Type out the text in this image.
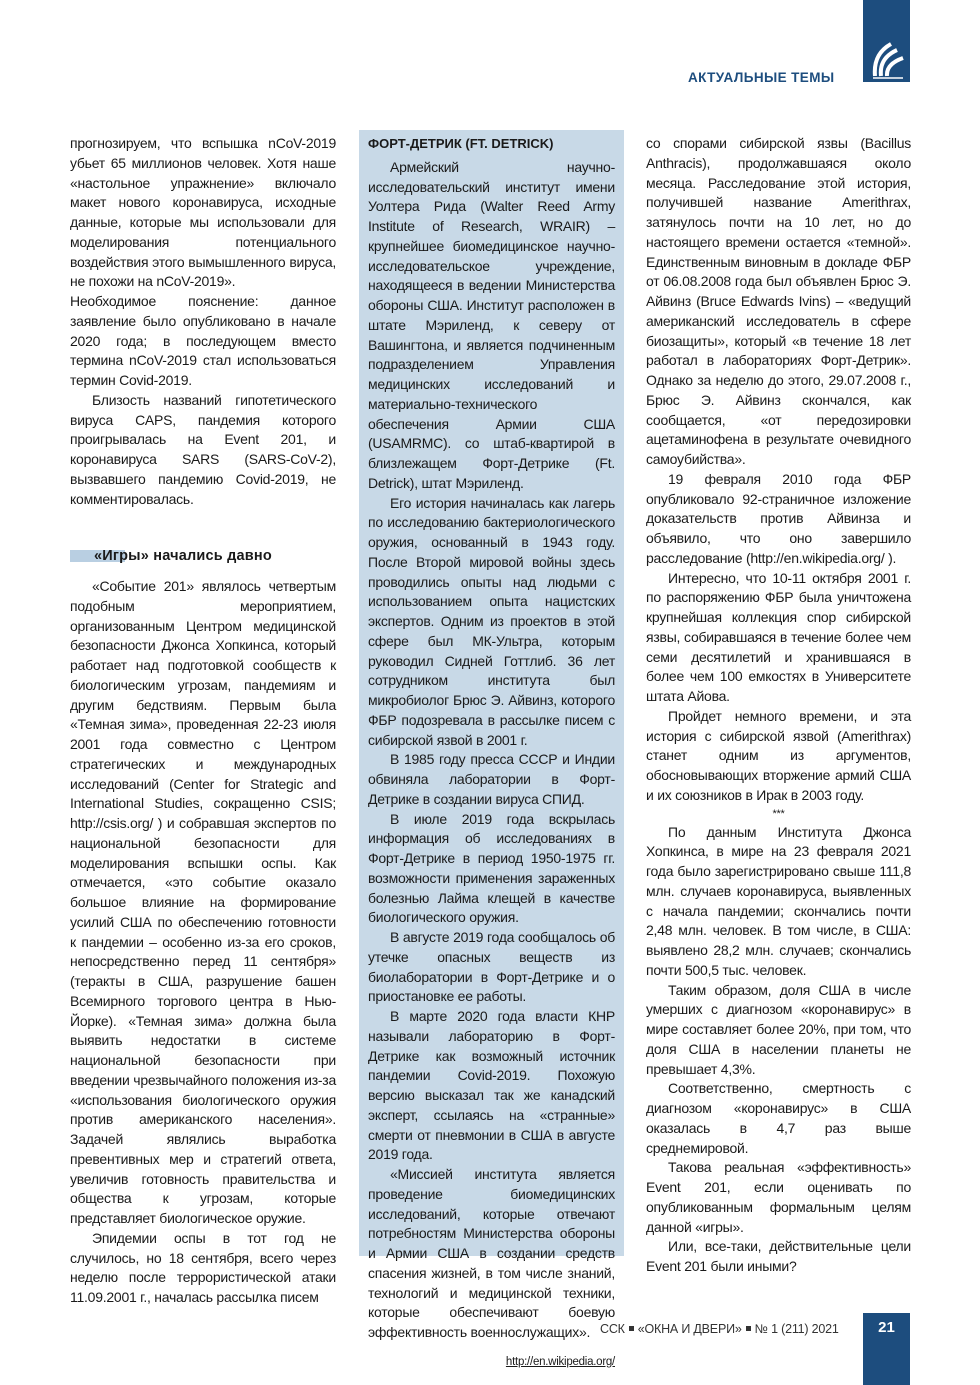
АКТУАЛЬНЫЕ ТЕМЫ

прогнозируем, что вспышка nCoV-2019 убьет 65 миллионов человек. Хотя наше «настольное упражнение» включало макет нового коронавируса, исходные данные, которые мы использовали для моделирования потенциального воздействия этого вымышленного вируса, не похожи на nCoV-2019».

Необходимое пояснение: данное заявление было опубликовано в начале 2020 года; в последующем вместо термина nCoV-2019 стал использоваться термин Covid-2019.

Близость названий гипотетического вируса CAPS, пандемия которого проигрывалась на Event 201, и коронавируса SARS (SARS-CoV-2), вызвавшего пандемию Covid-2019, не комментировалась.

«Игры» начались давно

«Событие 201» являлось четвертым подобным мероприятием, организованным Центром медицинской безопасности Джонса Хопкинса, который работает над подготовкой сообществ к биологическим угрозам, пандемиям и другим бедствиям. Первым была «Темная зима», проведенная 22-23 июля 2001 года совместно с Центром стратегических и международных исследований (Center for Strategic and International Studies, сокращенно CSIS; http://csis.org/ ) и собравшая экспертов по национальной безопасности для моделирования вспышки оспы. Как отмечается, «это событие оказало большое влияние на формирование усилий США по обеспечению готовности к пандемии – особенно из-за его сроков, непосредственно перед 11 сентября» (теракты в США, разрушение башен Всемирного торгового центра в Нью-Йорке). «Темная зима» должна была выявить недостатки в системе национальной безопасности при введении чрезвычайного положения из-за «использования биологического оружия против американского населения». Задачей являлись выработка превентивных мер и стратегий ответа, увеличив готовность правительства и общества к угрозам, которые представляет биологическое оружие.

Эпидемии оспы в тот год не случилось, но 18 сентября, всего через неделю после террористической атаки 11.09.2001 г., началась рассылка писем

ФОРТ-ДЕТРИК (FT. DETRICK)

Армейский научно-исследовательский институт имени Уолтера Рида (Walter Reed Army Institute of Research, WRAIR) – крупнейшее биомедицинское научно-исследовательское учреждение, находящееся в ведении Министерства обороны США. Институт расположен в штате Мэриленд, к северу от Вашингтона, и является подчиненным подразделением Управления медицинских исследований и материально-технического обеспечения Армии США (USAMRMC). со штаб-квартирой в близлежащем Форт-Детрике (Ft. Detrick), штат Мэриленд.

Его история начиналась как лагерь по исследованию бактериологического оружия, основанный в 1943 году. После Второй мировой войны здесь проводились опыты над людьми с использованием опыта нацистских экспертов. Одним из проектов в этой сфере был МК-Ультра, которым руководил Сидней Готтлиб. 36 лет сотрудником института был микробиолог Брюс Э. Айвинз, которого ФБР подозревала в рассылке писем с сибирской язвой в 2001 г.

В 1985 году пресса СССР и Индии обвиняла лаборатории в Форт-Детрике в создании вируса СПИД.

В июле 2019 года вскрылась информация об исследованиях в Форт-Детрике в период 1950-1975 гг. возможности применения зараженных болезнью Лайма клещей в качестве биологического оружия.

В августе 2019 года сообщалось об утечке опасных веществ из биолаборатории в Форт-Детрике и о приостановке ее работы.

В марте 2020 года власти КНР называли лабораторию в Форт-Детрике как возможный источник пандемии Covid-2019. Похожую версию высказал так же канадский эксперт, ссылаясь на «странные» смерти от пневмонии в США в августе 2019 года.

«Миссией института является проведение биомедицинских исследований, которые отвечают потребностям Министерства обороны и Армии США в создании средств спасения жизней, в том числе знаний, технологий и медицинской техники, которые обеспечивают боевую эффективность военнослужащих».

http://en.wikipedia.org/

со спорами сибирской язвы (Bacillus Anthracis), продолжавшаяся около месяца. Расследование этой история, получившей название Amerithrax, затянулось почти на 10 лет, но до настоящего времени остается «темной». Единственным виновным в докладе ФБР от 06.08.2008 года был объявлен Брюс Э. Айвинз (Bruce Edwards Ivins) – «ведущий американский исследователь в сфере биозащиты», который «в течение 18 лет работал в лабораториях Форт-Детрик». Однако за неделю до этого, 29.07.2008 г., Брюс Э. Айвинз скончался, как сообщается, «от передозировки ацетаминофена в результате очевидного самоубийства».

19 февраля 2010 года ФБР опубликовало 92-страничное изложение доказательств против Айвинза и объявило, что оно завершило расследование (http://en.wikipedia.org/ ).

Интересно, что 10-11 октября 2001 г. по распоряжению ФБР была уничтожена крупнейшая коллекция спор сибирской язвы, собиравшаяся в течение более чем семи десятилетий и хранившаяся в более чем 100 емкостях в Университете штата Айова.

Пройдет немного времени, и эта история с сибирской язвой (Amerithrax) станет одним из аргументов, обосновывающих вторжение армий США и их союзников в Ирак в 2003 году.

***

По данным Института Джонса Хопкинса, в мире на 23 февраля 2021 года было зарегистрировано свыше 111,8 млн. случаев коронавируса, выявленных с начала пандемии; скончались почти 2,48 млн. человек. В том числе, в США: выявлено 28,2 млн. случаев; скончались почти 500,5 тыс. человек.

Таким образом, доля США в числе умерших с диагнозом «коронавирус» в мире составляет более 20%, при том, что доля США в населении планеты не превышает 4,3%.

Соответственно, смертность с диагнозом «коронавирус» в США оказалась в 4,7 раз выше среднемировой.

Такова реальная «эффективность» Event 201, если оценивать по опубликованным формальным целям данной «игры».

Или, все-таки, действительные цели Event 201 были иными?

ССК «ОКНА И ДВЕРИ» № 1 (211) 2021	21
